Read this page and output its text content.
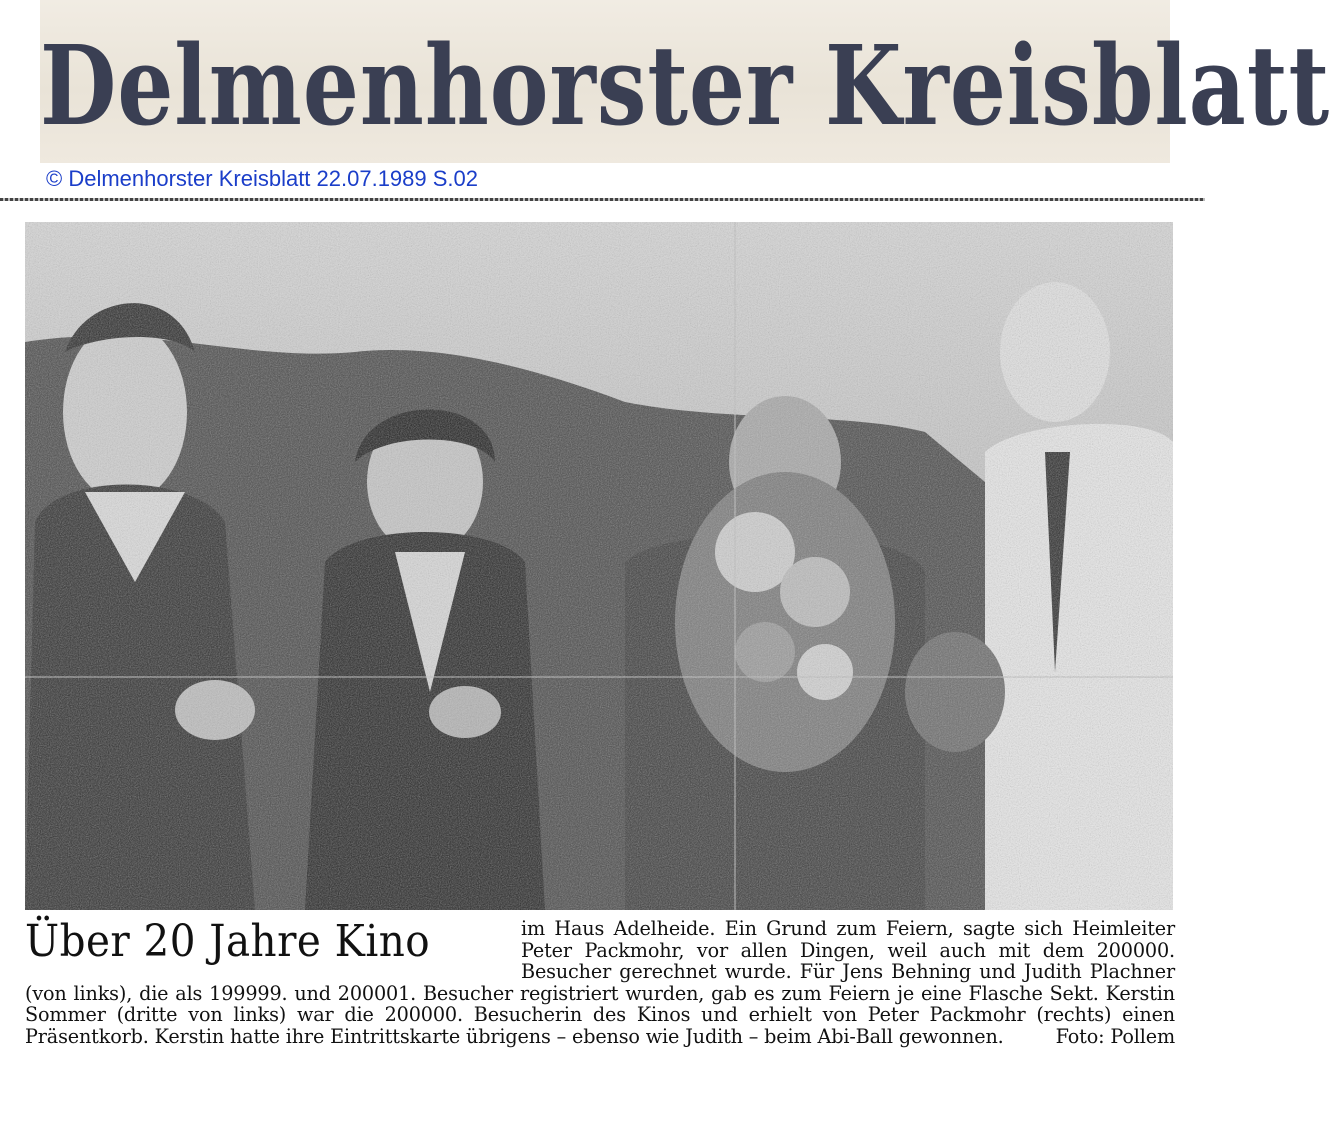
Delmenhorster Kreisblatt
© Delmenhorster Kreisblatt 22.07.1989 S.02
Über 20 Jahre Kino	im Haus Adelheide. Ein Grund zum Feiern, sagte sich Heimleiter Peter Packmohr, vor allen Dingen, weil auch mit dem 200000. Besucher gerechnet wurde. Für Jens Behning und Judith Plachner (von links), die als 199999. und 200001. Besucher registriert wurden, gab es zum Feiern je eine Flasche Sekt. Kerstin Sommer (dritte von links) war die 200000. Besucherin des Kinos und erhielt von Peter Packmohr (rechts) einen Präsentkorb. Kerstin hatte ihre Eintrittskarte übrigens – ebenso wie Judith – beim Abi-Ball gewonnen.	Foto: Pollem
